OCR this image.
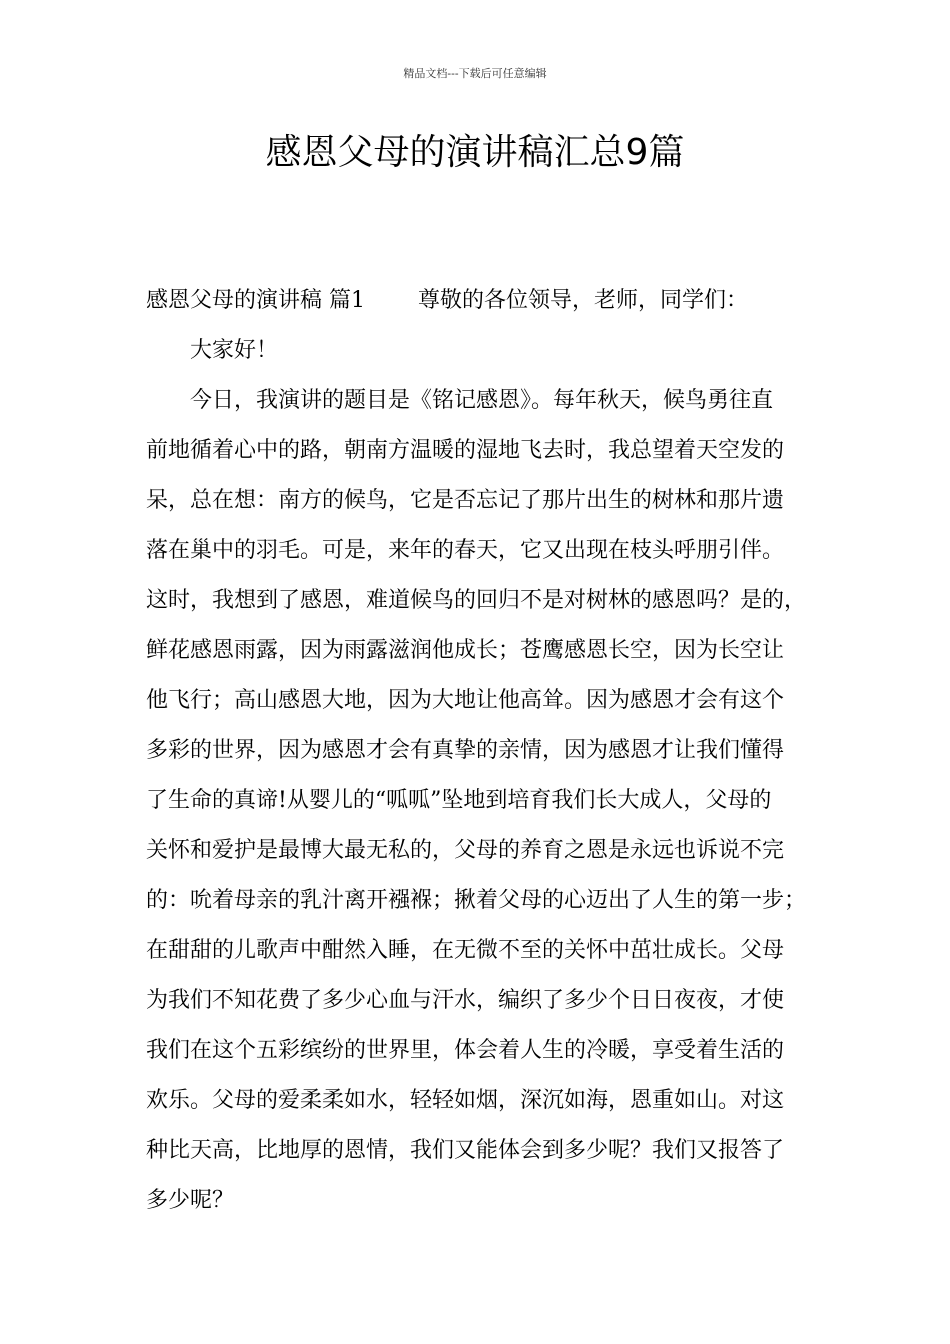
精品文档---下载后可任意编辑
感恩父母的演讲稿汇总9篇
感恩父母的演讲稿 篇1 尊敬的各位领导，老师，同学们：
大家好！
今日，我演讲的题目是《铭记感恩》。每年秋天，候鸟勇往直
前地循着心中的路，朝南方温暖的湿地飞去时，我总望着天空发的
呆，总在想：南方的候鸟，它是否忘记了那片出生的树林和那片遗
落在巢中的羽毛。可是，来年的春天，它又出现在枝头呼朋引伴。
这时，我想到了感恩，难道候鸟的回归不是对树林的感恩吗？是的，
鲜花感恩雨露，因为雨露滋润他成长；苍鹰感恩长空，因为长空让
他飞行；高山感恩大地，因为大地让他高耸。因为感恩才会有这个
多彩的世界，因为感恩才会有真挚的亲情，因为感恩才让我们懂得
了生命的真谛!从婴儿的“呱呱”坠地到培育我们长大成人，父母的
关怀和爱护是最博大最无私的，父母的养育之恩是永远也诉说不完
的：吮着母亲的乳汁离开襁褓；揪着父母的心迈出了人生的第一步；
在甜甜的儿歌声中酣然入睡，在无微不至的关怀中茁壮成长。父母
为我们不知花费了多少心血与汗水，编织了多少个日日夜夜，才使
我们在这个五彩缤纷的世界里，体会着人生的冷暖，享受着生活的
欢乐。父母的爱柔柔如水，轻轻如烟，深沉如海，恩重如山。对这
种比天高，比地厚的恩情，我们又能体会到多少呢？我们又报答了
多少呢？
